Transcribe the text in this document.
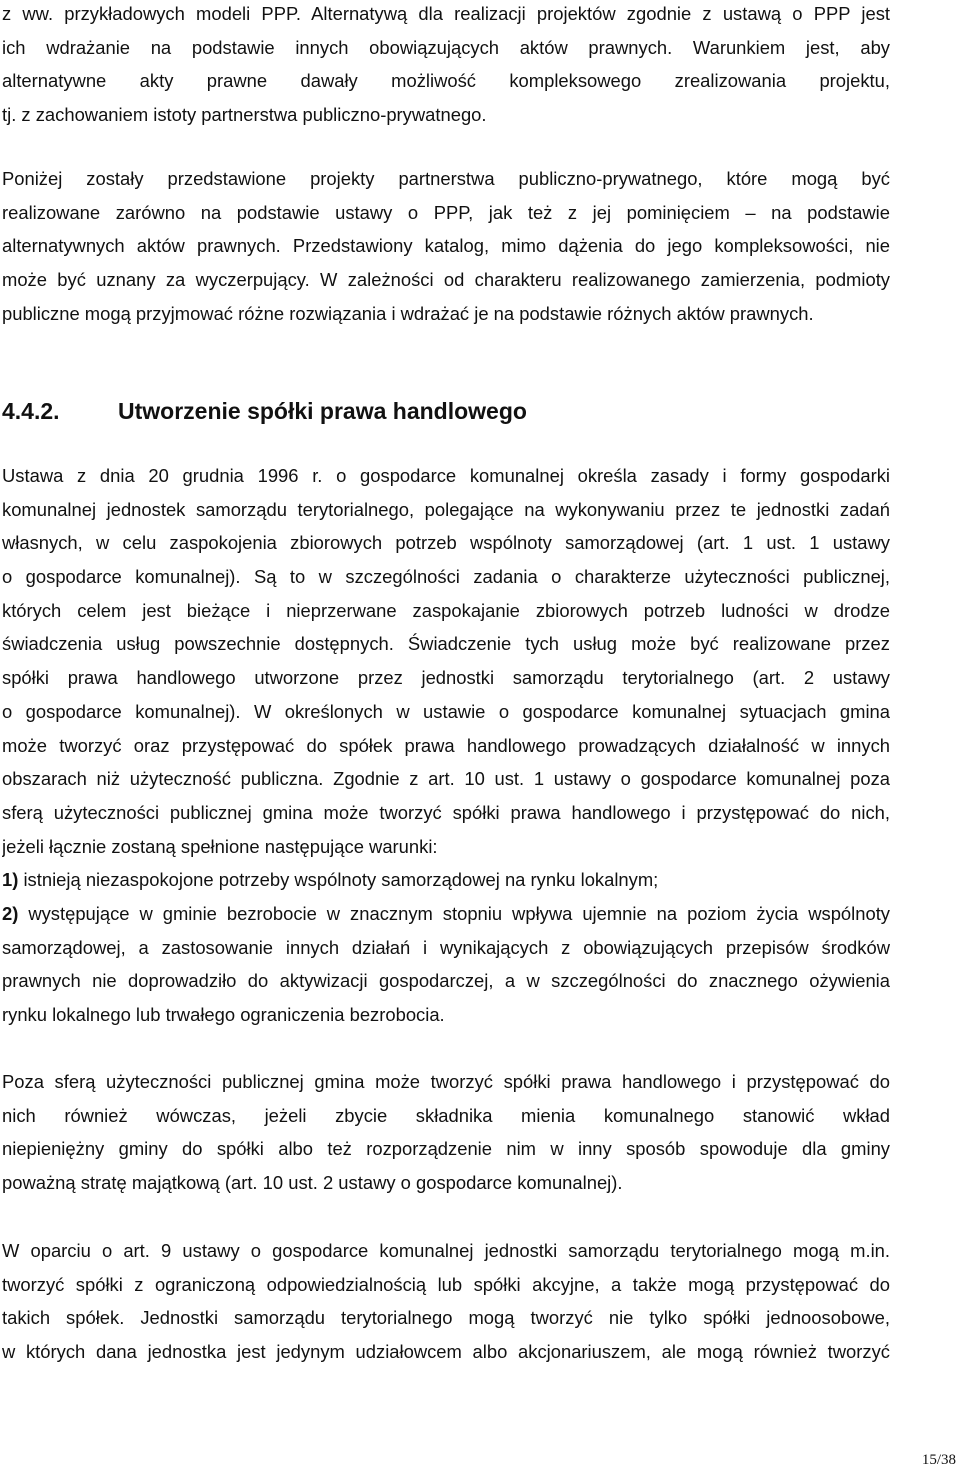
z ww. przykładowych modeli PPP. Alternatywą dla realizacji projektów zgodnie z ustawą o PPP jest
ich wdrażanie na podstawie innych obowiązujących aktów prawnych. Warunkiem jest, aby
alternatywne akty prawne dawały możliwość kompleksowego zrealizowania projektu,
tj. z zachowaniem istoty partnerstwa publiczno-prywatnego.
Poniżej zostały przedstawione projekty partnerstwa publiczno-prywatnego, które mogą być
realizowane zarówno na podstawie ustawy o PPP, jak też z jej pominięciem – na podstawie
alternatywnych aktów prawnych. Przedstawiony katalog, mimo dążenia do jego kompleksowości, nie
może być uznany za wyczerpujący. W zależności od charakteru realizowanego zamierzenia, podmioty
publiczne mogą przyjmować różne rozwiązania i wdrażać je na podstawie różnych aktów prawnych.
4.4.2.	Utworzenie spółki prawa handlowego
Ustawa z dnia 20 grudnia 1996 r. o gospodarce komunalnej określa zasady i formy gospodarki
komunalnej jednostek samorządu terytorialnego, polegające na wykonywaniu przez te jednostki zadań
własnych, w celu zaspokojenia zbiorowych potrzeb wspólnoty samorządowej (art. 1 ust. 1 ustawy
o gospodarce komunalnej). Są to w szczególności zadania o charakterze użyteczności publicznej,
których celem jest bieżące i nieprzerwane zaspokajanie zbiorowych potrzeb ludności w drodze
świadczenia usług powszechnie dostępnych. Świadczenie tych usług może być realizowane przez
spółki prawa handlowego utworzone przez jednostki samorządu terytorialnego (art. 2 ustawy
o gospodarce komunalnej). W określonych w ustawie o gospodarce komunalnej sytuacjach gmina
może tworzyć oraz przystępować do spółek prawa handlowego prowadzących działalność w innych
obszarach niż użyteczność publiczna. Zgodnie z art. 10 ust. 1 ustawy o gospodarce komunalnej poza
sferą użyteczności publicznej gmina może tworzyć spółki prawa handlowego i przystępować do nich,
jeżeli łącznie zostaną spełnione następujące warunki:
1) istnieją niezaspokojone potrzeby wspólnoty samorządowej na rynku lokalnym;
2) występujące w gminie bezrobocie w znacznym stopniu wpływa ujemnie na poziom życia wspólnoty
samorządowej, a zastosowanie innych działań i wynikających z obowiązujących przepisów środków
prawnych nie doprowadziło do aktywizacji gospodarczej, a w szczególności do znacznego ożywienia
rynku lokalnego lub trwałego ograniczenia bezrobocia.
Poza sferą użyteczności publicznej gmina może tworzyć spółki prawa handlowego i przystępować do
nich również wówczas, jeżeli zbycie składnika mienia komunalnego stanowić wkład
niepieniężny gminy do spółki albo też rozporządzenie nim w inny sposób spowoduje dla gminy
poważną stratę majątkową (art. 10 ust. 2 ustawy o gospodarce komunalnej).
W oparciu o art. 9 ustawy o gospodarce komunalnej jednostki samorządu terytorialnego mogą m.in.
tworzyć spółki z ograniczoną odpowiedzialnością lub spółki akcyjne, a także mogą przystępować do
takich spółek. Jednostki samorządu terytorialnego mogą tworzyć nie tylko spółki jednoosobowe,
w których dana jednostka jest jedynym udziałowcem albo akcjonariuszem, ale mogą również tworzyć
15/38
